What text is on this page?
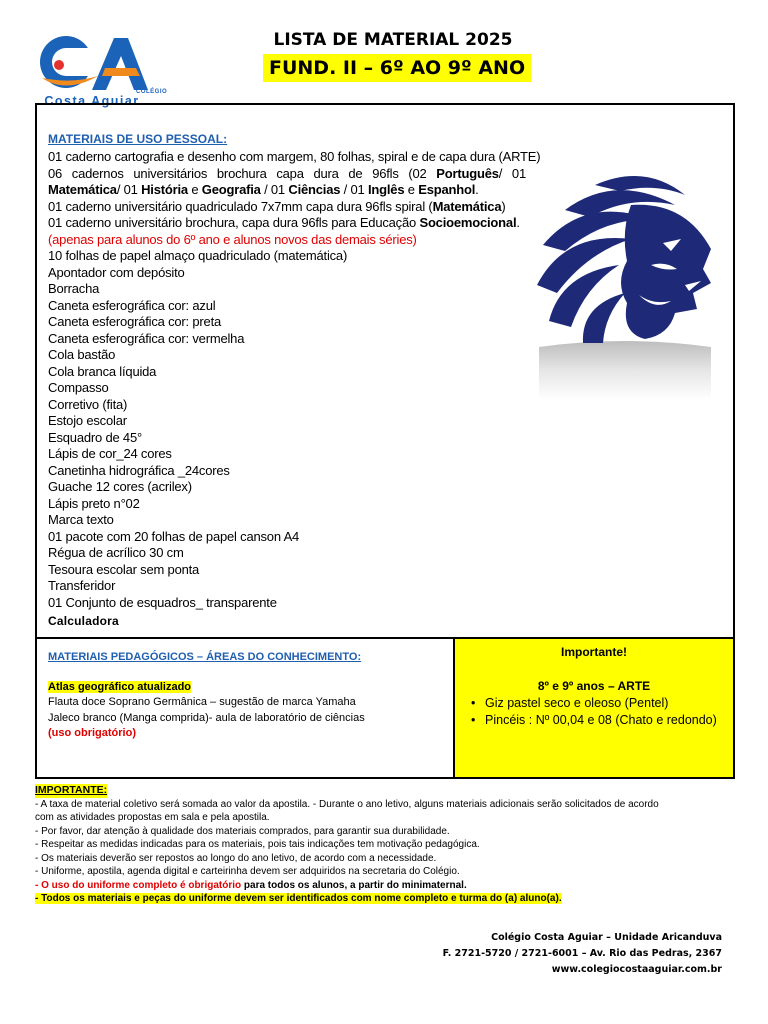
COLÉGIO
Costa Aguiar
LISTA DE MATERIAL 2025
FUND. II – 6º AO 9º ANO
MATERIAIS DE USO PESSOAL:
01 caderno cartografia e desenho com margem, 80 folhas, spiral e de capa dura (ARTE)
06 cadernos universitários brochura capa dura de 96fls (02 Português/ 01
Matemática/ 01 História e Geografia / 01 Ciências / 01 Inglês e Espanhol.
01 caderno universitário quadriculado 7x7mm capa dura 96fls spiral (Matemática)
01 caderno universitário brochura, capa dura 96fls para Educação Socioemocional.
(apenas para alunos do 6º ano e alunos novos das demais séries)
10 folhas de papel almaço quadriculado (matemática)
Apontador com depósito
Borracha
Caneta esferográfica cor: azul
Caneta esferográfica cor: preta
Caneta esferográfica cor: vermelha
Cola bastão
Cola branca líquida
Compasso
Corretivo (fita)
Estojo escolar
Esquadro de 45°
Lápis de cor_24 cores
Canetinha hidrográfica _24cores
Guache 12 cores (acrilex)
Lápis preto n°02
Marca texto
01 pacote com 20 folhas de papel canson A4
Régua de acrílico 30 cm
Tesoura escolar sem ponta
Transferidor
01 Conjunto de esquadros_ transparente
Calculadora
MATERIAIS PEDAGÓGICOS – ÁREAS DO CONHECIMENTO:
Atlas geográfico atualizado
Flauta doce Soprano Germânica – sugestão de marca Yamaha
Jaleco branco (Manga comprida)- aula de laboratório de ciências
(uso obrigatório)
Importante!
8º e 9º anos – ARTE
• Giz pastel seco e oleoso (Pentel)
• Pincéis : Nº 00,04 e 08 (Chato e redondo)
IMPORTANTE:
- A taxa de material coletivo será somada ao valor da apostila. - Durante o ano letivo, alguns materiais adicionais serão solicitados de acordo
com as atividades propostas em sala e pela apostila.
- Por favor, dar atenção à qualidade dos materiais comprados, para garantir sua durabilidade.
- Respeitar as medidas indicadas para os materiais, pois tais indicações tem motivação pedagógica.
- Os materiais deverão ser repostos ao longo do ano letivo, de acordo com a necessidade.
- Uniforme, apostila, agenda digital e carteirinha devem ser adquiridos na secretaria do Colégio.
- O uso do uniforme completo é obrigatório para todos os alunos, a partir do minimaternal.
- Todos os materiais e peças do uniforme devem ser identificados com nome completo e turma do (a) aluno(a).
Colégio Costa Aguiar – Unidade Aricanduva
F. 2721-5720 / 2721-6001 – Av. Rio das Pedras, 2367
www.colegiocostaaguiar.com.br
